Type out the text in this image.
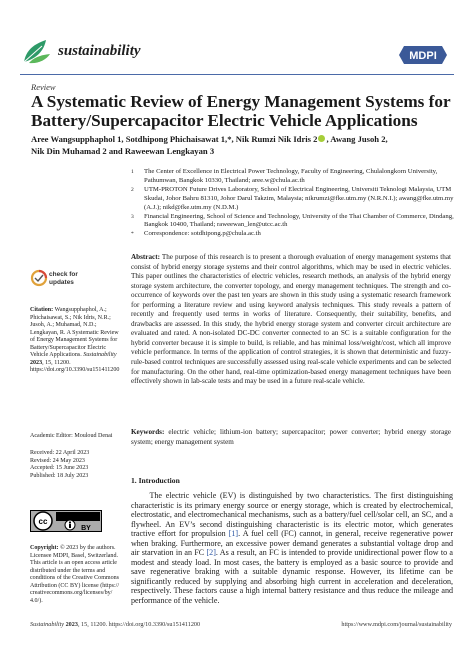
sustainability	MDPI
Review
A Systematic Review of Energy Management Systems for Battery/Supercapacitor Electric Vehicle Applications
Aree Wangsupphaphol 1, Sotdhipong Phichaisawat 1,*, Nik Rumzi Nik Idris 2 , Awang Jusoh 2,
Nik Din Muhamad 2 and Raweewan Lengkayan 3
1 The Center of Excellence in Electrical Power Technology, Faculty of Engineering, Chulalongkorn University, Pathumwan, Bangkok 10330, Thailand; aree.w@chula.ac.th
2 UTM-PROTON Future Drives Laboratory, School of Electrical Engineering, Universiti Teknologi Malaysia, UTM Skudai, Johor Bahru 81310, Johor Darul Takzim, Malaysia; nikrumzi@fke.utm.my (N.R.N.I.); awang@fke.utm.my (A.J.); nikd@fke.utm.my (N.D.M.)
3 Financial Engineering, School of Science and Technology, University of the Thai Chamber of Commerce, Dindang, Bangkok 10400, Thailand; raweewan_len@utcc.ac.th
* Correspondence: sotdhipong.p@chula.ac.th
Abstract: The purpose of this research is to present a thorough evaluation of energy management systems that consist of hybrid energy storage systems and their control algorithms, which may be used in electric vehicles. This paper outlines the characteristics of electric vehicles, research methods, an analysis of the hybrid energy storage system architecture, the converter topology, and energy management techniques. The strength and co-occurrence of keywords over the past ten years are shown in this study using a systematic research framework for performing a literature review and using keyword analysis techniques. This study reveals a pattern of recently and frequently used terms in works of literature. Consequently, their suitability, benefits, and drawbacks are assessed. In this study, the hybrid energy storage system and converter circuit architecture are evaluated and rated. A non-isolated DC-DC converter connected to an SC is a suitable configuration for the hybrid converter because it is simple to build, is reliable, and has minimal loss/weight/cost, which all improve vehicle performance. In terms of the application of control strategies, it is shown that deterministic and fuzzy-rule-based control techniques are successfully assessed using real-scale vehicle experiments and can be selected for manufacturing. On the other hand, real-time optimization-based energy management techniques have been effectively shown in lab-scale tests and may be used in a future real-scale vehicle.
Keywords: electric vehicle; lithium-ion battery; supercapacitor; power converter; hybrid energy storage system; energy management system
1. Introduction
The electric vehicle (EV) is distinguished by two characteristics. The first distinguishing characteristic is its primary energy source or energy storage, which is created by electrochemical, electrostatic, and electromechanical mechanisms, such as a battery/fuel cell/solar cell, an SC, and a flywheel. An EV’s second distinguishing characteristic is its electric motor, which generates tractive effort for propulsion [1]. A fuel cell (FC) cannot, in general, receive regenerative power when braking. Furthermore, an excessive power demand generates a substantial voltage drop and air starvation in an FC [2]. As a result, an FC is intended to provide unidirectional power flow to a modest and steady load. In most cases, the battery is employed as a basic source to provide and save regenerative braking with a suitable dynamic response. However, its lifetime can be significantly reduced by supplying and absorbing high current in acceleration and deceleration, respectively. These factors cause a high internal battery resistance and thus reduce the mileage and performance of the vehicle.
check for
updates
Citation: Wangsupphaphol, A.; Phichaisawat, S.; Nik Idris, N.R.; Jusoh, A.; Muhamad, N.D.; Lengkayan, R. A Systematic Review of Energy Management Systems for Battery/Supercapacitor Electric Vehicle Applications. Sustainability 2023, 15, 11200. https://doi.org/10.3390/su151411200
Academic Editor: Mouloud Denai
Received: 22 April 2023
Revised: 24 May 2023
Accepted: 15 June 2023
Published: 18 July 2023
cc
BY
Copyright: © 2023 by the authors. Licensee MDPI, Basel, Switzerland. This article is an open access article distributed under the terms and conditions of the Creative Commons Attribution (CC BY) license (https:// creativecommons.org/licenses/by/ 4.0/).
Sustainability 2023, 15, 11200. https://doi.org/10.3390/su151411200	https://www.mdpi.com/journal/sustainability
